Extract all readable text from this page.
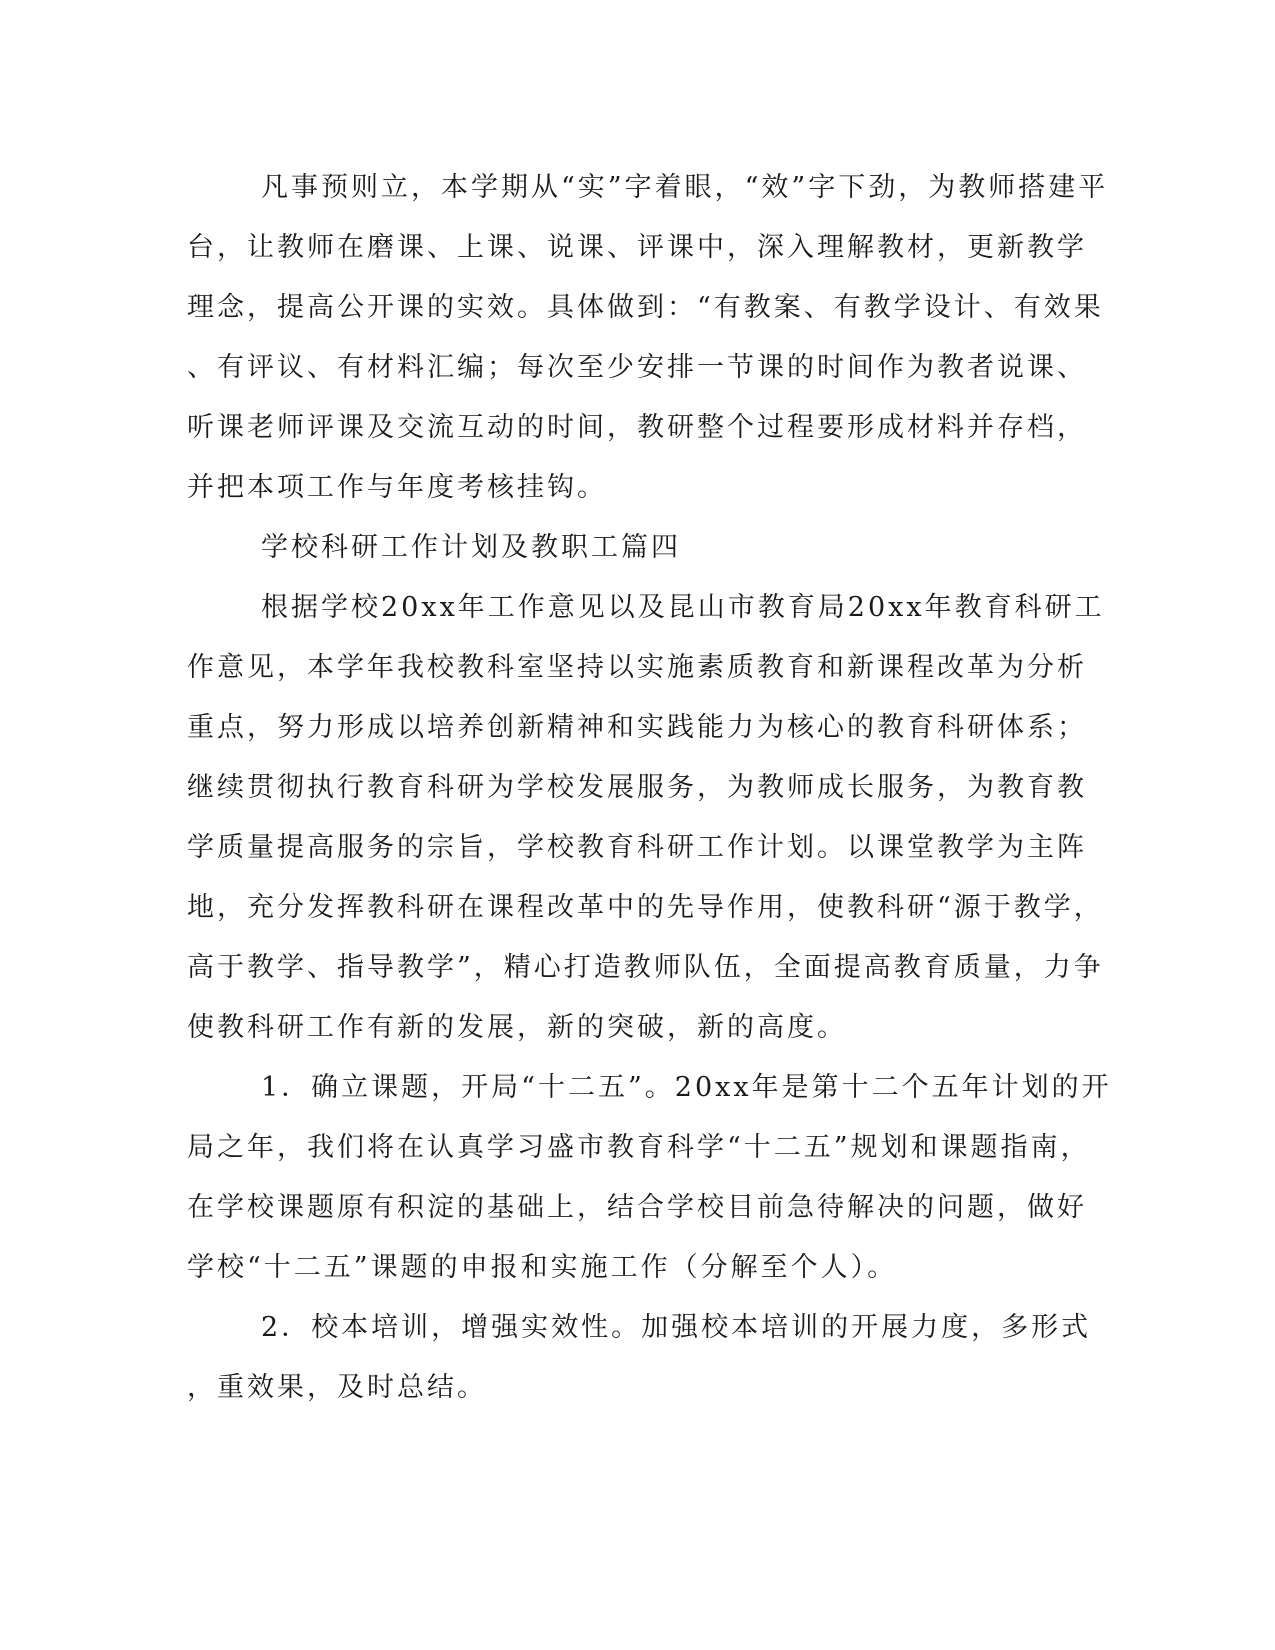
凡事预则立，本学期从“实”字着眼，“效”字下劲，为教师搭建平
台，让教师在磨课、上课、说课、评课中，深入理解教材，更新教学
理念，提高公开课的实效。具体做到：“有教案、有教学设计、有效果
、有评议、有材料汇编；每次至少安排一节课的时间作为教者说课、
听课老师评课及交流互动的时间，教研整个过程要形成材料并存档，
并把本项工作与年度考核挂钩。
学校科研工作计划及教职工篇四
根据学校20xx年工作意见以及昆山市教育局20xx年教育科研工
作意见，本学年我校教科室坚持以实施素质教育和新课程改革为分析
重点，努力形成以培养创新精神和实践能力为核心的教育科研体系；
继续贯彻执行教育科研为学校发展服务，为教师成长服务，为教育教
学质量提高服务的宗旨，学校教育科研工作计划。以课堂教学为主阵
地，充分发挥教科研在课程改革中的先导作用，使教科研“源于教学，
高于教学、指导教学”，精心打造教师队伍，全面提高教育质量，力争
使教科研工作有新的发展，新的突破，新的高度。
1．确立课题，开局“十二五”。20xx年是第十二个五年计划的开
局之年，我们将在认真学习盛市教育科学“十二五”规划和课题指南，
在学校课题原有积淀的基础上，结合学校目前急待解决的问题，做好
学校“十二五”课题的申报和实施工作（分解至个人）。
2．校本培训，增强实效性。加强校本培训的开展力度，多形式
，重效果，及时总结。
